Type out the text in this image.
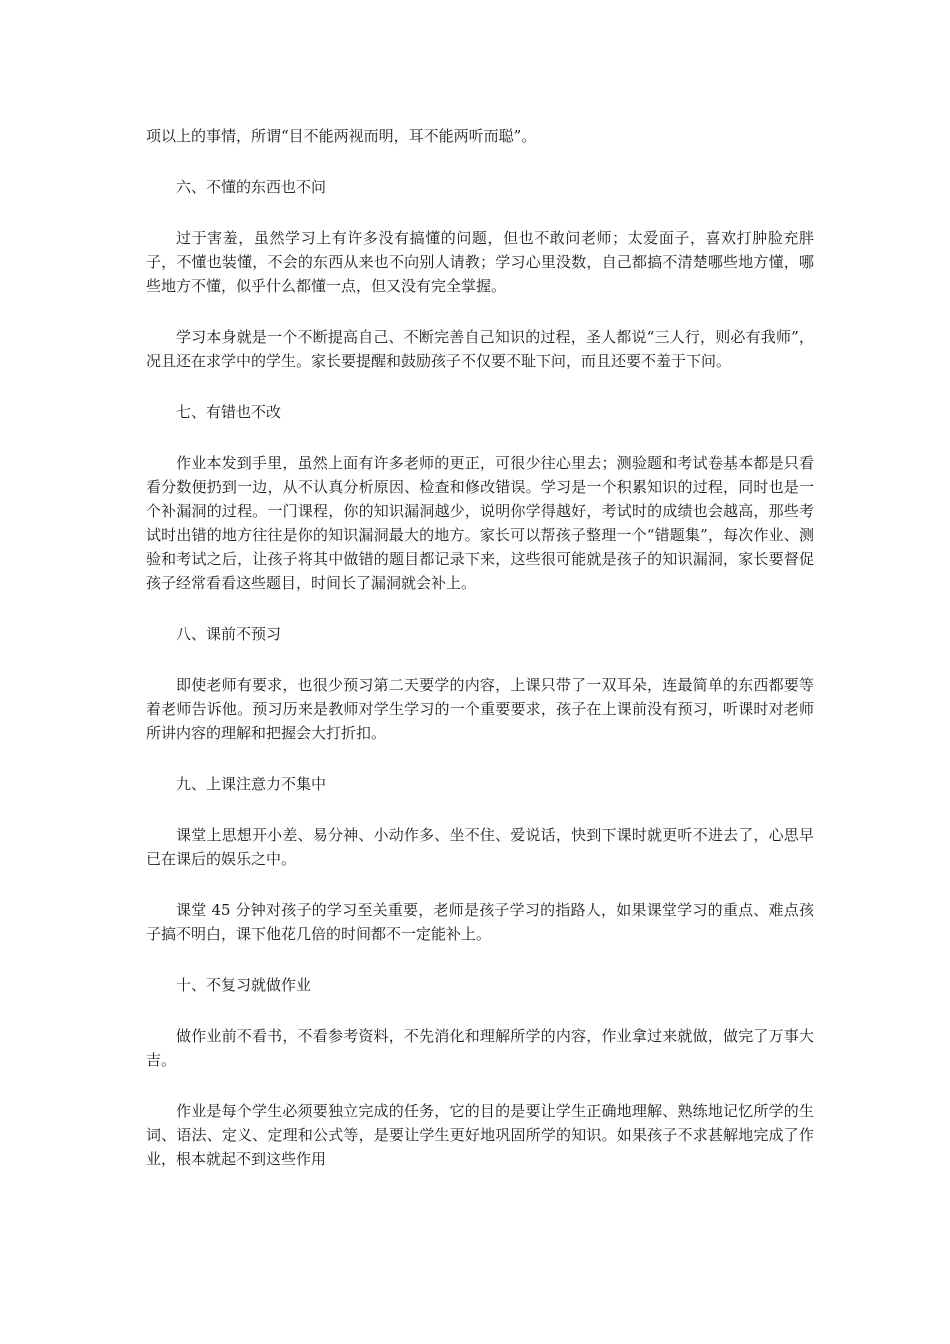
项以上的事情，所谓“目不能两视而明，耳不能两听而聪”。

六、不懂的东西也不问

过于害羞，虽然学习上有许多没有搞懂的问题，但也不敢问老师；太爱面子，喜欢打肿脸充胖子，不懂也装懂，不会的东西从来也不向别人请教；学习心里没数，自己都搞不清楚哪些地方懂，哪些地方不懂，似乎什么都懂一点，但又没有完全掌握。

学习本身就是一个不断提高自己、不断完善自己知识的过程，圣人都说“三人行，则必有我师”，况且还在求学中的学生。家长要提醒和鼓励孩子不仅要不耻下问，而且还要不羞于下问。

七、有错也不改

作业本发到手里，虽然上面有许多老师的更正，可很少往心里去；测验题和考试卷基本都是只看看分数便扔到一边，从不认真分析原因、检查和修改错误。学习是一个积累知识的过程，同时也是一个补漏洞的过程。一门课程，你的知识漏洞越少，说明你学得越好，考试时的成绩也会越高，那些考试时出错的地方往往是你的知识漏洞最大的地方。家长可以帮孩子整理一个“错题集”，每次作业、测验和考试之后，让孩子将其中做错的题目都记录下来，这些很可能就是孩子的知识漏洞，家长要督促孩子经常看看这些题目，时间长了漏洞就会补上。

八、课前不预习

即使老师有要求，也很少预习第二天要学的内容，上课只带了一双耳朵，连最简单的东西都要等着老师告诉他。预习历来是教师对学生学习的一个重要要求，孩子在上课前没有预习，听课时对老师所讲内容的理解和把握会大打折扣。

九、上课注意力不集中

课堂上思想开小差、易分神、小动作多、坐不住、爱说话，快到下课时就更听不进去了，心思早已在课后的娱乐之中。

课堂 45 分钟对孩子的学习至关重要，老师是孩子学习的指路人，如果课堂学习的重点、难点孩子搞不明白，课下他花几倍的时间都不一定能补上。

十、不复习就做作业

做作业前不看书，不看参考资料，不先消化和理解所学的内容，作业拿过来就做，做完了万事大吉。

作业是每个学生必须要独立完成的任务，它的目的是要让学生正确地理解、熟练地记忆所学的生词、语法、定义、定理和公式等，是要让学生更好地巩固所学的知识。如果孩子不求甚解地完成了作业，根本就起不到这些作用
